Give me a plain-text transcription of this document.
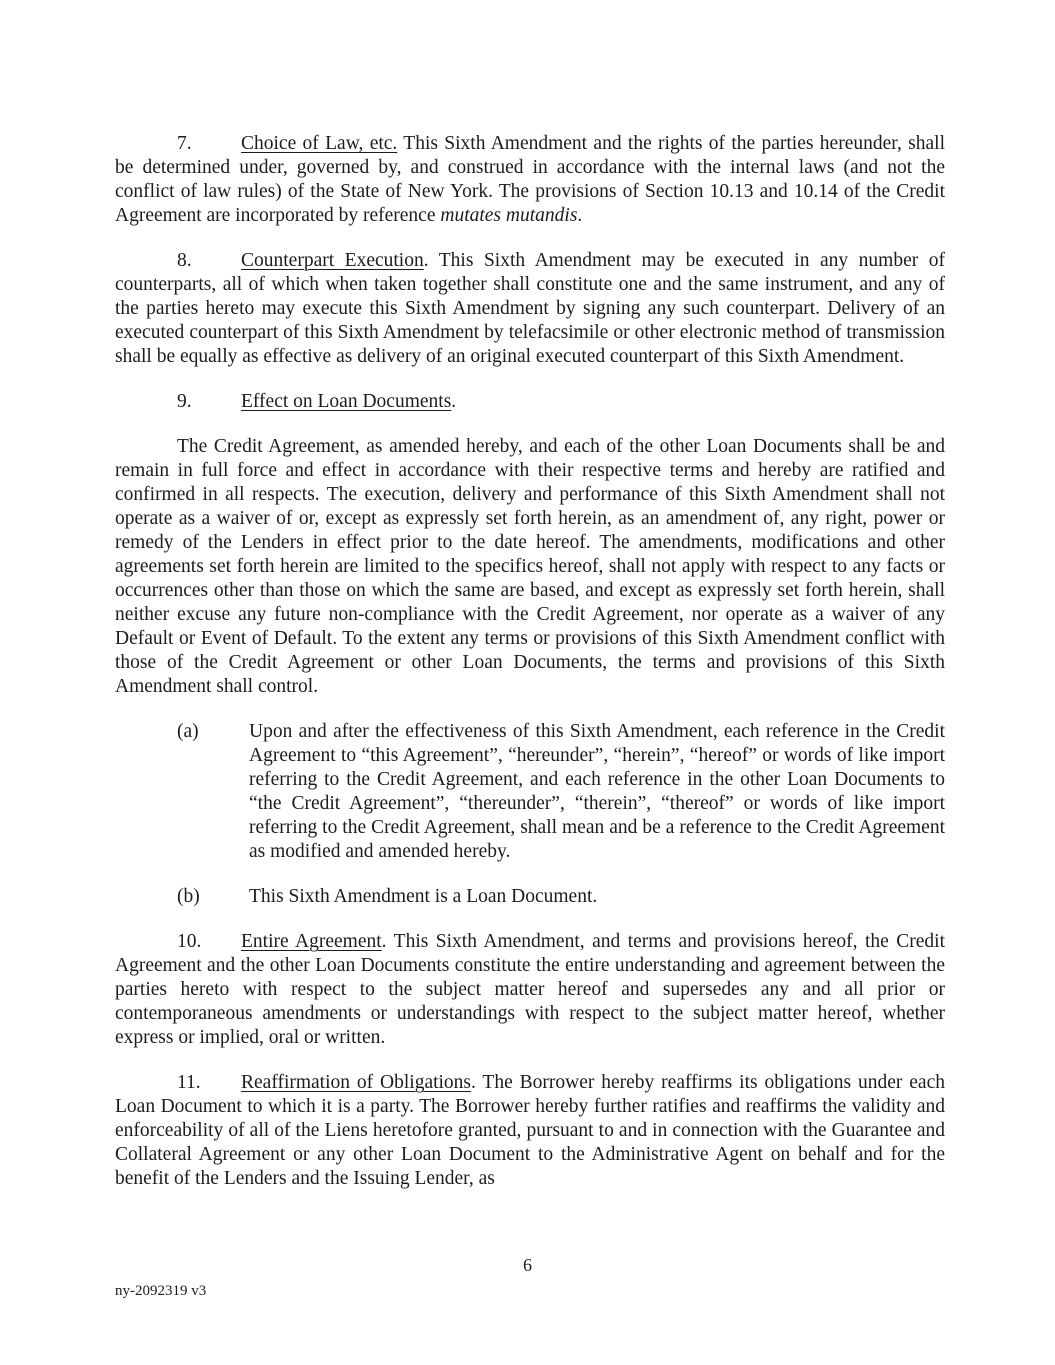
7.	Choice of Law, etc. This Sixth Amendment and the rights of the parties hereunder, shall be determined under, governed by, and construed in accordance with the internal laws (and not the conflict of law rules) of the State of New York. The provisions of Section 10.13 and 10.14 of the Credit Agreement are incorporated by reference mutates mutandis.
8.	Counterpart Execution. This Sixth Amendment may be executed in any number of counterparts, all of which when taken together shall constitute one and the same instrument, and any of the parties hereto may execute this Sixth Amendment by signing any such counterpart. Delivery of an executed counterpart of this Sixth Amendment by telefacsimile or other electronic method of transmission shall be equally as effective as delivery of an original executed counterpart of this Sixth Amendment.
9.	Effect on Loan Documents.
The Credit Agreement, as amended hereby, and each of the other Loan Documents shall be and remain in full force and effect in accordance with their respective terms and hereby are ratified and confirmed in all respects. The execution, delivery and performance of this Sixth Amendment shall not operate as a waiver of or, except as expressly set forth herein, as an amendment of, any right, power or remedy of the Lenders in effect prior to the date hereof. The amendments, modifications and other agreements set forth herein are limited to the specifics hereof, shall not apply with respect to any facts or occurrences other than those on which the same are based, and except as expressly set forth herein, shall neither excuse any future non-compliance with the Credit Agreement, nor operate as a waiver of any Default or Event of Default. To the extent any terms or provisions of this Sixth Amendment conflict with those of the Credit Agreement or other Loan Documents, the terms and provisions of this Sixth Amendment shall control.
(a)	Upon and after the effectiveness of this Sixth Amendment, each reference in the Credit Agreement to “this Agreement”, “hereunder”, “herein”, “hereof” or words of like import referring to the Credit Agreement, and each reference in the other Loan Documents to “the Credit Agreement”, “thereunder”, “therein”, “thereof” or words of like import referring to the Credit Agreement, shall mean and be a reference to the Credit Agreement as modified and amended hereby.
(b)	This Sixth Amendment is a Loan Document.
10. Entire Agreement. This Sixth Amendment, and terms and provisions hereof, the Credit Agreement and the other Loan Documents constitute the entire understanding and agreement between the parties hereto with respect to the subject matter hereof and supersedes any and all prior or contemporaneous amendments or understandings with respect to the subject matter hereof, whether express or implied, oral or written.
11. Reaffirmation of Obligations. The Borrower hereby reaffirms its obligations under each Loan Document to which it is a party. The Borrower hereby further ratifies and reaffirms the validity and enforceability of all of the Liens heretofore granted, pursuant to and in connection with the Guarantee and Collateral Agreement or any other Loan Document to the Administrative Agent on behalf and for the benefit of the Lenders and the Issuing Lender, as
6
ny-2092319 v3
